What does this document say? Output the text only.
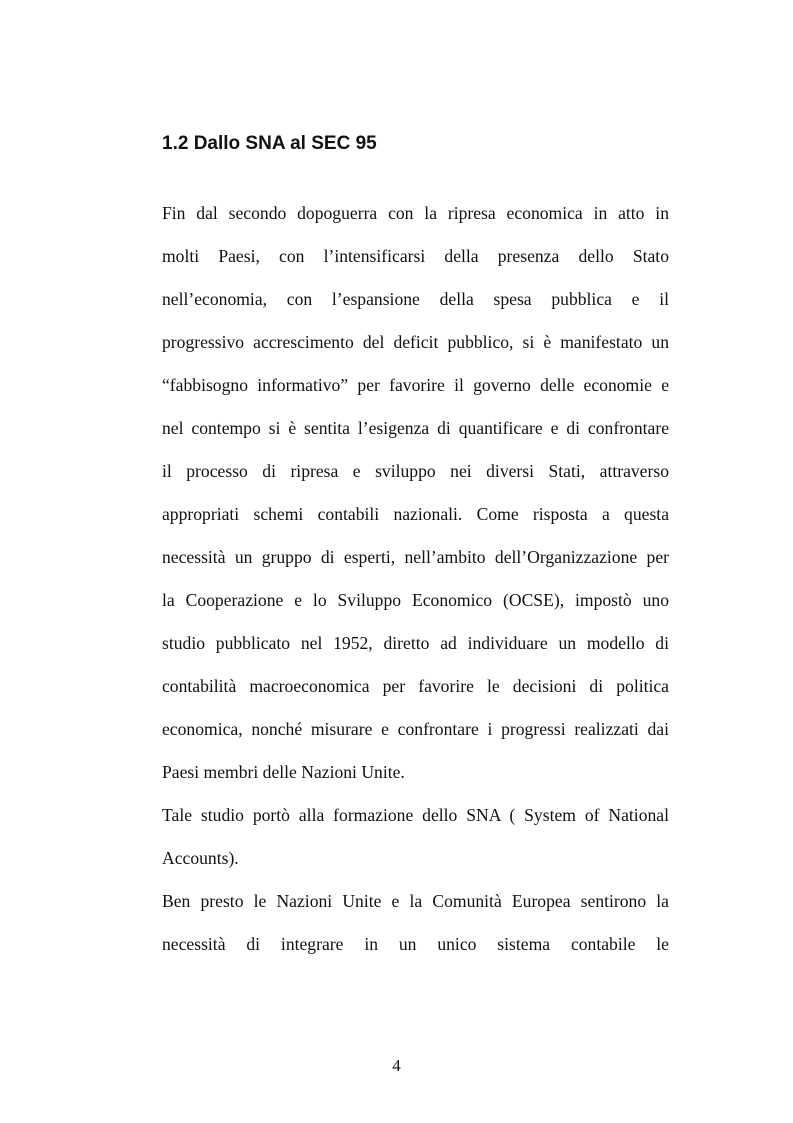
1.2 Dallo SNA al SEC 95
Fin dal secondo dopoguerra con la ripresa economica in atto in
molti Paesi, con l’intensificarsi della presenza dello Stato
nell’economia, con l’espansione della spesa pubblica e il
progressivo accrescimento del deficit pubblico, si è manifestato un
“fabbisogno informativo” per favorire il governo delle economie e
nel contempo si è sentita l’esigenza di quantificare e di confrontare
il processo di ripresa e sviluppo nei diversi Stati, attraverso
appropriati schemi contabili nazionali. Come risposta a questa
necessità un gruppo di esperti, nell’ambito dell’Organizzazione per
la Cooperazione e lo Sviluppo Economico (OCSE), impostò uno
studio pubblicato nel 1952, diretto ad individuare un modello di
contabilità macroeconomica per favorire le decisioni di politica
economica, nonché misurare e confrontare i progressi realizzati dai
Paesi membri delle Nazioni Unite.
Tale studio portò alla formazione dello SNA ( System of National
Accounts).
Ben presto le Nazioni Unite e la Comunità Europea sentirono la
necessità di integrare in un unico sistema contabile le
4
